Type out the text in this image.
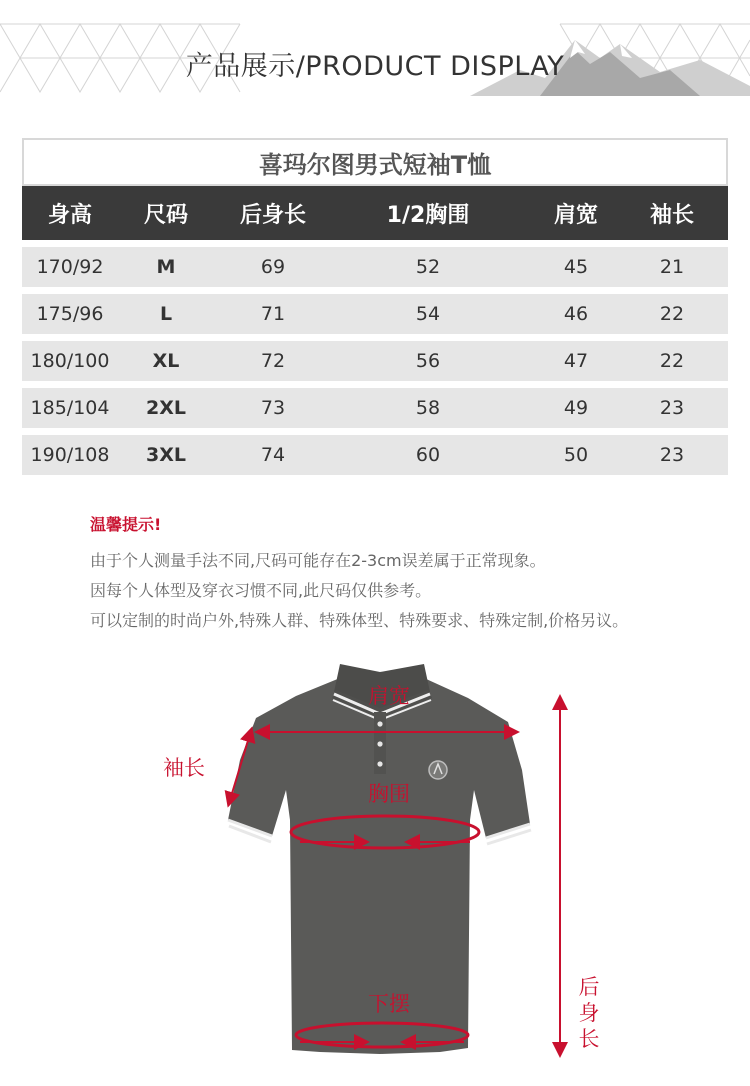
产品展示/PRODUCT DISPLAY
喜玛尔图男式短袖T恤
身高	尺码	后身长	1/2胸围	肩宽	袖长
170/92	M	69	52	45	21
175/96	L	71	54	46	22
180/100	XL	72	56	47	22
185/104	2XL	73	58	49	23
190/108	3XL	74	60	50	23
温馨提示!
由于个人测量手法不同,尺码可能存在2-3cm误差属于正常现象。
因每个人体型及穿衣习惯不同,此尺码仅供参考。
可以定制的时尚户外,特殊人群、特殊体型、特殊要求、特殊定制,价格另议。
肩宽
袖长
胸围
下摆
后身长
